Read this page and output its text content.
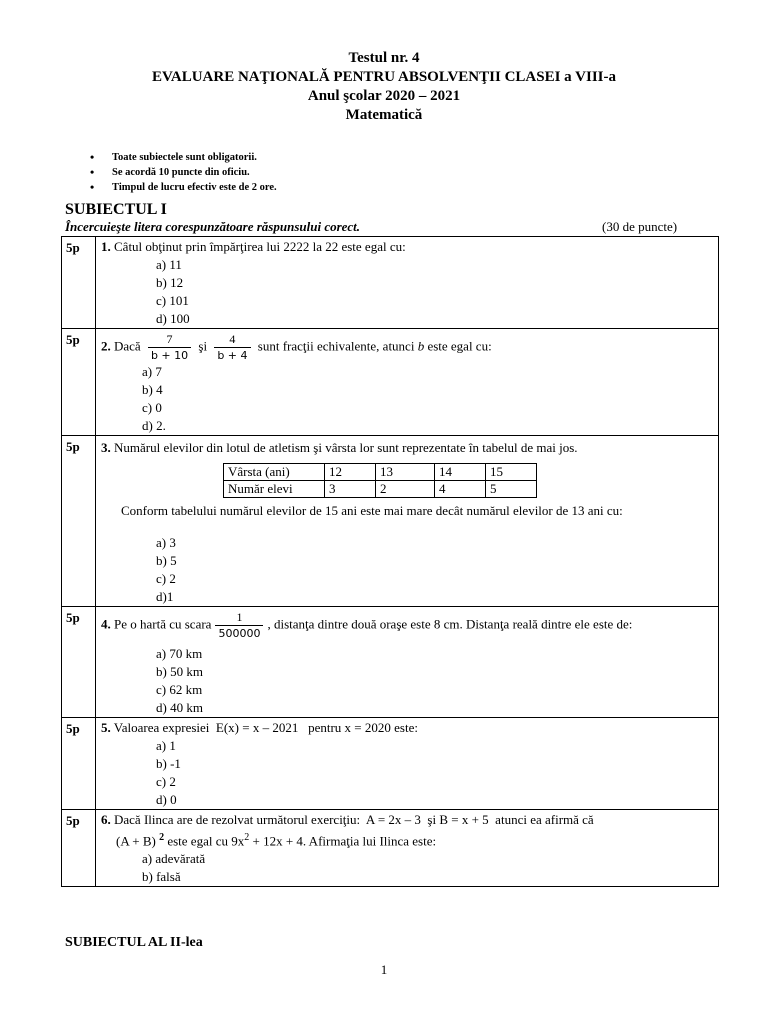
Testul nr. 4
EVALUARE NAŢIONALĂ PENTRU ABSOLVENŢII CLASEI a VIII-a
Anul şcolar 2020 – 2021
Matematică
• Toate subiectele sunt obligatorii.
• Se acordă 10 puncte din oficiu.
• Timpul de lucru efectiv este de 2 ore.
SUBIECTUL I
Încercuieşte litera corespunzătoare răspunsului corect.	(30 de puncte)
5p	1. Câtul obţinut prin împărţirea lui 2222 la 22 este egal cu:
a) 11
b) 12
c) 101
d) 100

5p	2. Dacă $\frac{7}{b + 10}$ şi $\frac{4}{b + 4}$ sunt fracţii echivalente, atunci b este egal cu:
a) 7
b) 4
c) 0
d) 2.

5p	3. Numărul elevilor din lotul de atletism şi vârsta lor sunt reprezentate în tabelul de mai jos.
Vârsta (ani)	12	13	14	15
Număr elevi	3	2	4	5
Conform tabelului numărul elevilor de 15 ani este mai mare decât numărul elevilor de 13 ani cu:
a) 3
b) 5
c) 2
d)1

5p	4. Pe o hartă cu scara $\frac{1}{500000}$ , distanţa dintre două oraşe este 8 cm. Distanţa reală dintre ele este de:
a) 70 km
b) 50 km
c) 62 km
d) 40 km

5p	5. Valoarea expresiei  E(x) = x – 2021   pentru x = 2020 este:
a) 1
b) -1
c) 2
d) 0

5p	6. Dacă Ilinca are de rezolvat următorul exerciţiu:  A = 2x – 3  şi B = x + 5  atunci ea afirmă că
(A + B) $^2$ este egal cu $9x^2 + 12x + 4$. Afirmaţia lui Ilinca este:
a) adevărată
b) falsă
SUBIECTUL AL II-lea
1
